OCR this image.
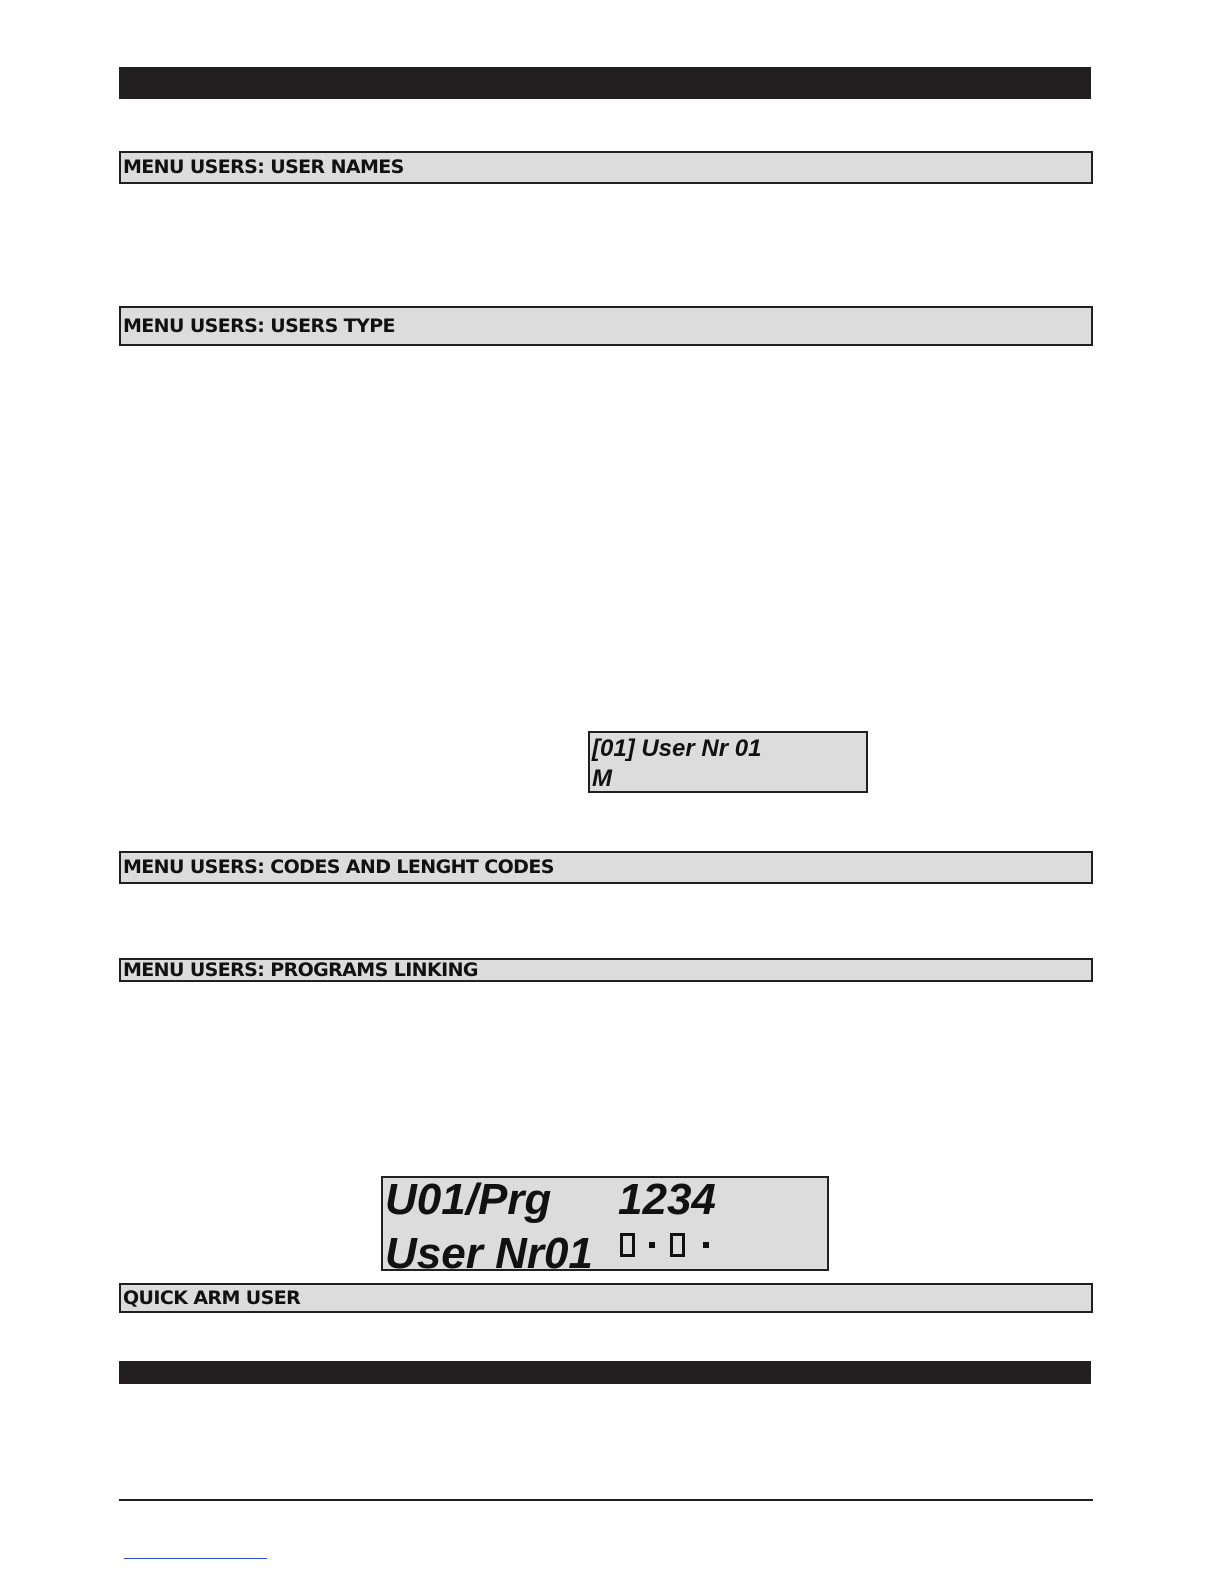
MENU USERS: USER NAMES
MENU USERS: USERS TYPE
[01] User Nr 01
M
MENU USERS: CODES AND LENGHT CODES
MENU USERS: PROGRAMS LINKING
U01/Prg 1234
User Nr01
QUICK ARM USER
